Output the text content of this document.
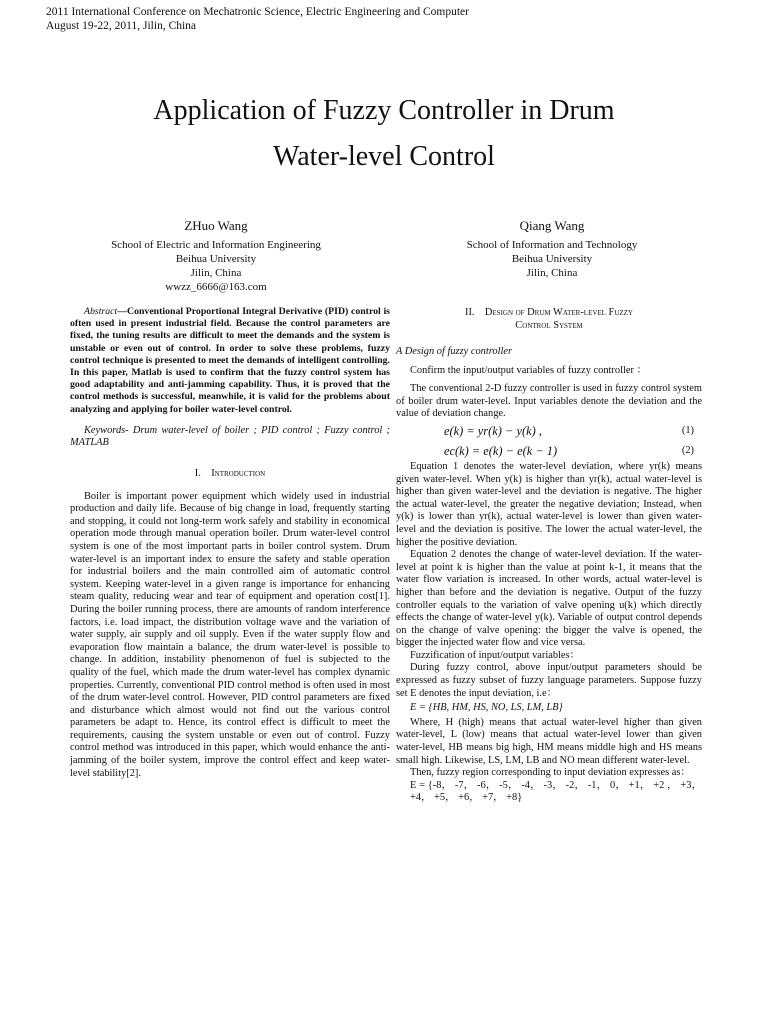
2011 International Conference on Mechatronic Science, Electric Engineering and Computer
August 19-22, 2011, Jilin, China
Application of Fuzzy Controller in Drum
Water-level Control
ZHuo Wang
School of Electric and Information Engineering
Beihua University
Jilin, China
wwzz_6666@163.com
Qiang Wang
School of Information and Technology
Beihua University
Jilin, China

Abstract—Conventional Proportional Integral Derivative (PID) control is often used in present industrial field. Because the control parameters are fixed, the tuning results are difficult to meet the demands and the system is unstable or even out of control. In order to solve these problems, fuzzy control technique is presented to meet the demands of intelligent controlling. In this paper, Matlab is used to confirm that the fuzzy control system has good adaptability and anti-jamming capability. Thus, it is proved that the control methods is successful, meanwhile, it is valid for the problems about analyzing and applying for boiler water-level control.

Keywords- Drum water-level of boiler ; PID control ; Fuzzy control ; MATLAB

I. Introduction

Boiler is important power equipment which widely used in industrial production and daily life. Because of big change in load, frequently starting and stopping, it could not long-term work safely and stability in economical operation mode through manual operation boiler. Drum water-level control system is one of the most important parts in boiler control system. Drum water-level is an important index to ensure the safety and stable operation for industrial boilers and the main controlled aim of automatic control system. Keeping water-level in a given range is importance for enhancing steam quality, reducing wear and tear of equipment and operation cost[1]. During the boiler running process, there are amounts of random interference factors, i.e. load impact, the distribution voltage wave and the variation of water supply, air supply and oil supply. Even if the water supply flow and evaporation flow maintain a balance, the drum water-level is possible to change. In addition, instability phenomenon of fuel is subjected to the quality of the fuel, which made the drum water-level has complex dynamic properties. Currently, conventional PID control method is often used in most of the drum water-level control. However, PID control parameters are fixed and disturbance which almost would not find out the various control parameters be adapt to. Hence, its control effect is difficult to meet the requirements, causing the system unstable or even out of control. Fuzzy control method was introduced in this paper, which would enhance the anti-jamming of the boiler system, improve the control effect and keep water-level stability[2].

II. Design of Drum Water-level Fuzzy
Control System

A Design of fuzzy controller

Confirm the input/output variables of fuzzy controller ：

The conventional 2-D fuzzy controller is used in fuzzy control system of boiler drum water-level. Input variables denote the deviation and the value of deviation change.

e(k) = yr(k) − y(k) ,	(1)
ec(k) = e(k) − e(k − 1)	(2)

Equation 1 denotes the water-level deviation, where yr(k) means given water-level. When y(k) is higher than yr(k), actual water-level is higher than given water-level and the deviation is negative. The higher the actual water-level, the greater the negative deviation; Instead, when y(k) is lower than yr(k), actual water-level is lower than given water-level and the deviation is positive. The lower the actual water-level, the higher the positive deviation.

Equation 2 denotes the change of water-level deviation. If the water-level at point k is higher than the value at point k-1, it means that the water flow variation is increased. In other words, actual water-level is higher than before and the deviation is negative. Output of the fuzzy controller equals to the variation of valve opening u(k) which directly effects the change of water-level y(k). Variable of output control depends on the change of valve opening: the bigger the valve is opened, the bigger the injected water flow and vice versa.

Fuzzification of input/output variables：

During fuzzy control, above input/output parameters should be expressed as fuzzy subset of fuzzy language parameters. Suppose fuzzy set E denotes the input deviation, i.e：

E = {HB, HM, HS, NO, LS, LM, LB}

Where, H (high) means that actual water-level higher than given water-level, L (low) means that actual water-level lower than given water-level, HB means big high, HM means middle high and HS means small high. Likewise, LS, LM, LB and NO mean different water-level.

Then, fuzzy region corresponding to input deviation expresses as：

E = {-8， -7， -6， -5， -4， -3， -2， -1， 0， +1， +2 ， +3， +4， +5， +6， +7， +8}
